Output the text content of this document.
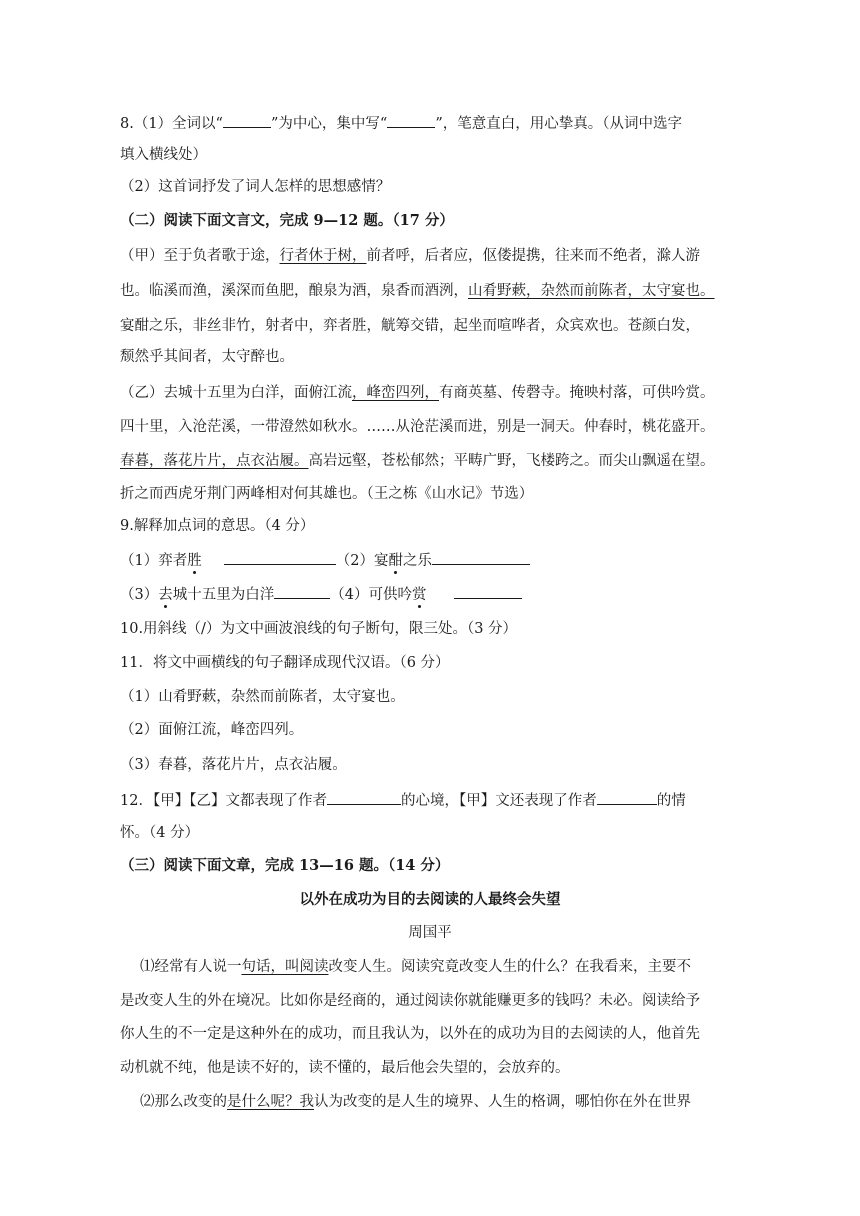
8.（1）全词以“	”为中心，集中写“	”，笔意直白，用心挚真。（从词中选字
填入横线处）
（2）这首词抒发了词人怎样的思想感情？
（二）阅读下面文言文，完成 9—12 题。（17 分）
（甲）至于负者歌于途，行者休于树，前者呼，后者应，伛偻提携，往来而不绝者，滁人游
也。临溪而渔，溪深而鱼肥，酿泉为酒，泉香而酒洌，山肴野蔌，杂然而前陈者，太守宴也。
宴酣之乐，非丝非竹，射者中，弈者胜，觥筹交错，起坐而喧哗者，众宾欢也。苍颜白发，
颓然乎其间者，太守醉也。
（乙）去城十五里为白洋，面俯江流，峰峦四列，有商英墓、传磬寺。掩映村落，可供吟赏。
四十里，入沧茫溪，一带澄然如秋水。……从沧茫溪而进，别是一洞天。仲春时，桃花盛开。
春暮，落花片片，点衣沾履。高岩远壑，苍松郁然；平畴广野，飞楼跨之。而尖山飘遥在望。
折之而西虎牙荆门两峰相对何其雄也。（王之栋《山水记》节选）
9.解释加点词的意思。（4 分）
（1）弈者胜	（2）宴酣之乐
（3）去城十五里为白洋	（4）可供吟赏
10.用斜线（/）为文中画波浪线的句子断句，限三处。（3 分）
11．将文中画横线的句子翻译成现代汉语。（6 分）
（1）山肴野蔌，杂然而前陈者，太守宴也。
（2）面俯江流，峰峦四列。
（3）春暮，落花片片，点衣沾履。
12．【甲】【乙】文都表现了作者	的心境，【甲】文还表现了作者	的情
怀。（4 分）
（三）阅读下面文章，完成 13—16 题。（14 分）
以外在成功为目的去阅读的人最终会失望
周国平
⑴经常有人说一句话，叫阅读改变人生。阅读究竟改变人生的什么？在我看来，主要不
是改变人生的外在境况。比如你是经商的，通过阅读你就能赚更多的钱吗？未必。阅读给予
你人生的不一定是这种外在的成功，而且我认为，以外在的成功为目的去阅读的人，他首先
动机就不纯，他是读不好的，读不懂的，最后他会失望的，会放弃的。
⑵那么改变的是什么呢？我认为改变的是人生的境界、人生的格调，哪怕你在外在世界
